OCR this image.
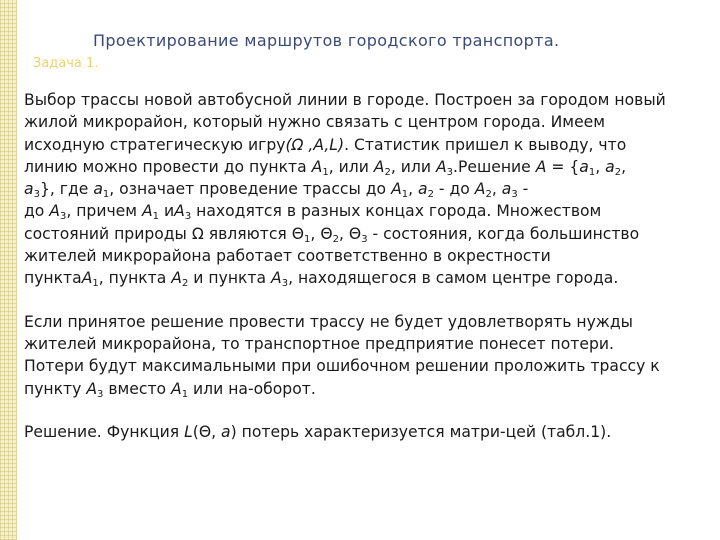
Проектирование маршрутов городского транспорта.
Задача 1.
Выбор трассы новой автобусной линии в городе. Построен за городом новый
жилой микрорайон, который нужно связать с центром города. Имеем
исходную стратегическую игру(Ω ,A,L). Статистик пришел к выводу, что
линию можно провести до пункта $A_1$, или $A_2$, или $A_3.Решение$ $A = \{a_1$, $a_2$,
$a_3$}, где $a_1$, означает проведение трассы до $A_1$, $a_2$ - до $A_2$, $a_3$ -
до $A_3$, причем $A_1$ $иA_3$ находятся в разных концах города. Множеством
состояний природы Ω являются $\Theta_1$, $\Theta_2$, $\Theta_3$ - состояния, когда большинство
жителей микрорайона работает соответственно в окрестности
пунктаA$_1$, пункта $A_2$ и пункта $A_3$, находящегося в самом центре города.
Если принятое решение провести трассу не будет удовлетворять нужды
жителей микрорайона, то транспортное предприятие понесет потери.
Потери будут максимальными при ошибочном решении проложить трассу к
пункту $A_3$ вместо $A_1$ или на-оборот.
Решение. Функция L(Θ, a) потерь характеризуется матри-цей (табл.1).
